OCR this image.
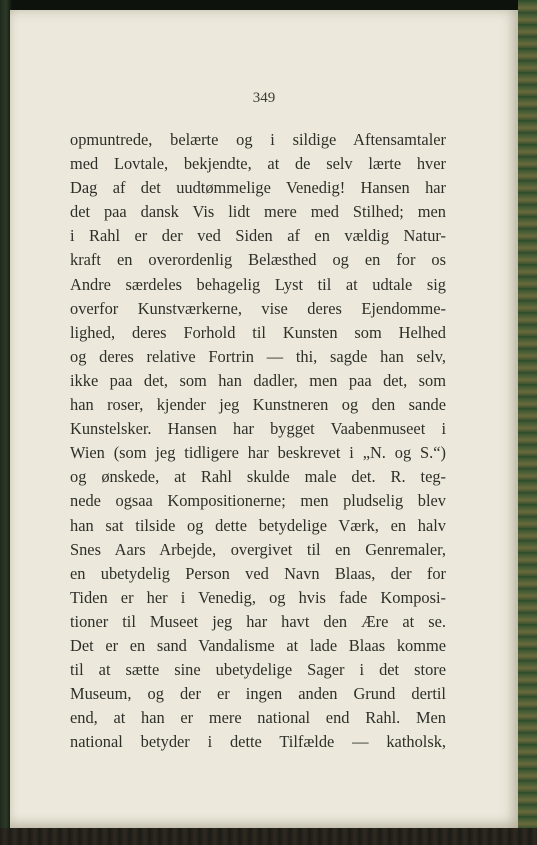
349
opmuntrede, belærte og i sildige Aftensamtaler
med Lovtale, bekjendte, at de selv lærte hver
Dag af det uudtømmelige Venedig! Hansen har
det paa dansk Vis lidt mere med Stilhed; men
i Rahl er der ved Siden af en vældig Natur-
kraft en overordenlig Belæsthed og en for os
Andre særdeles behagelig Lyst til at udtale sig
overfor Kunstværkerne, vise deres Ejendomme-
lighed, deres Forhold til Kunsten som Helhed
og deres relative Fortrin — thi, sagde han selv,
ikke paa det, som han dadler, men paa det, som
han roser, kjender jeg Kunstneren og den sande
Kunstelsker. Hansen har bygget Vaabenmuseet i
Wien (som jeg tidligere har beskrevet i „N. og S.“)
og ønskede, at Rahl skulde male det. R. teg-
nede ogsaa Kompositionerne; men pludselig blev
han sat tilside og dette betydelige Værk, en halv
Snes Aars Arbejde, overgivet til en Genremaler,
en ubetydelig Person ved Navn Blaas, der for
Tiden er her i Venedig, og hvis fade Komposi-
tioner til Museet jeg har havt den Ære at se.
Det er en sand Vandalisme at lade Blaas komme
til at sætte sine ubetydelige Sager i det store
Museum, og der er ingen anden Grund dertil
end, at han er mere national end Rahl. Men
national betyder i dette Tilfælde — katholsk,
